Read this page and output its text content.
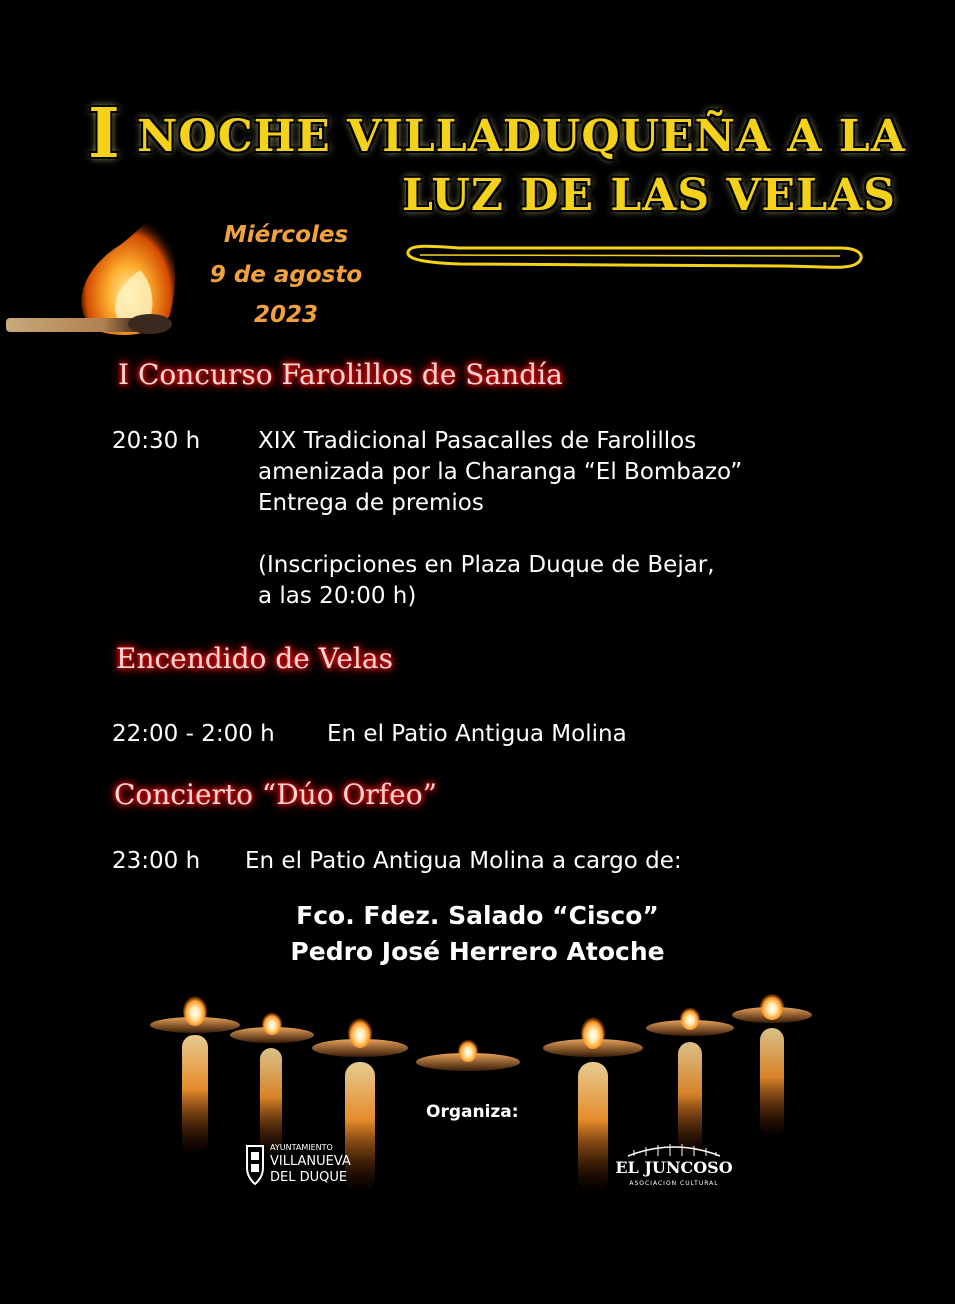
I NOCHE VILLADUQUEÑA A LA
LUZ DE LAS VELAS
Miércoles
9 de agosto
2023
I Concurso Farolillos de Sandía
20:30 h	XIX Tradicional Pasacalles de Farolillos
amenizada por la Charanga “El Bombazo”
Entrega de premios
(Inscripciones en Plaza Duque de Bejar,
a las 20:00 h)
Encendido de Velas
22:00 - 2:00 h En el Patio Antigua Molina
Concierto “Dúo Orfeo”
23:00 h En el Patio Antigua Molina a cargo de:
Fco. Fdez. Salado “Cisco”
Pedro José Herrero Atoche
Organiza:
AYUNTAMIENTO
VILLANUEVA
DEL DUQUE
EL JUNCOSO
ASOCIACION CULTURAL
